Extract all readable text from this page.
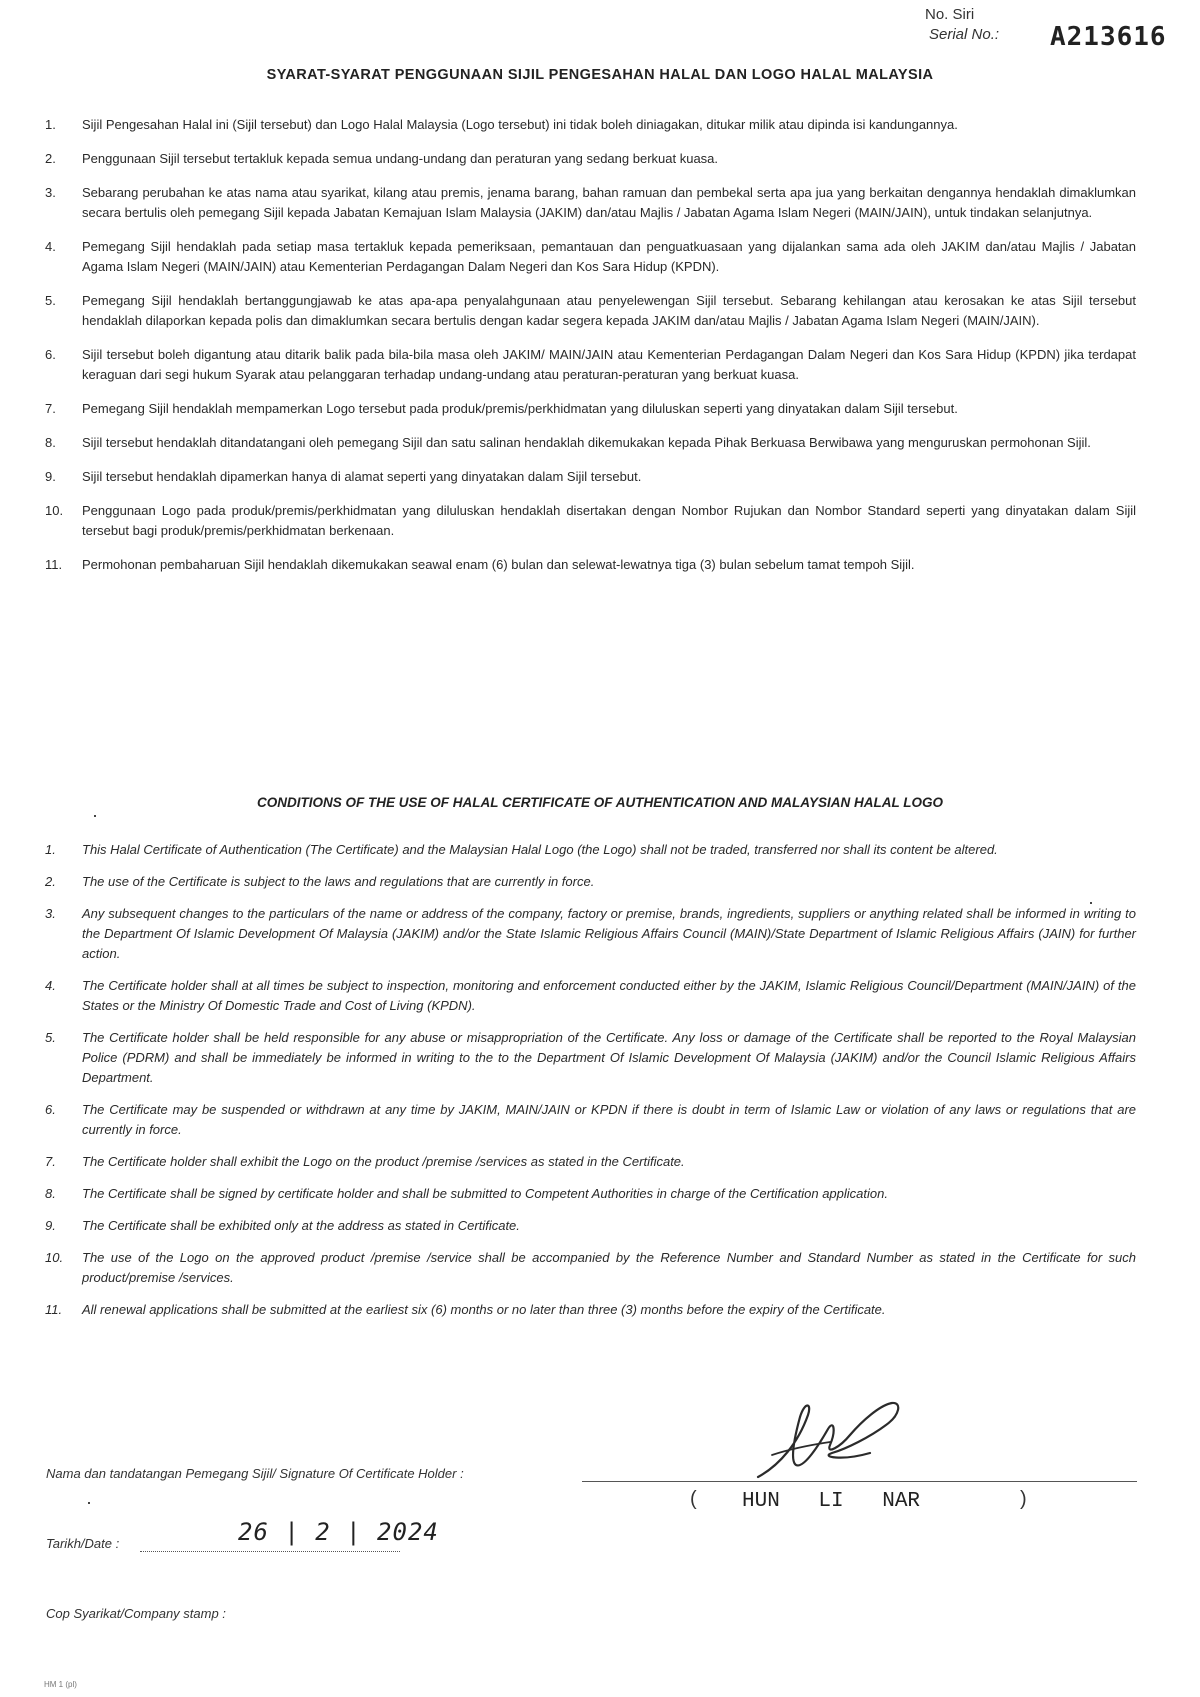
No. Siri
Serial No.: A213616
SYARAT-SYARAT PENGGUNAAN SIJIL PENGESAHAN HALAL DAN LOGO HALAL MALAYSIA
1.	Sijil Pengesahan Halal ini (Sijil tersebut) dan Logo Halal Malaysia (Logo tersebut) ini tidak boleh diniagakan, ditukar milik atau dipinda isi kandungannya.
2.	Penggunaan Sijil tersebut tertakluk kepada semua undang-undang dan peraturan yang sedang berkuat kuasa.
3.	Sebarang perubahan ke atas nama atau syarikat, kilang atau premis, jenama barang, bahan ramuan dan pembekal serta apa jua yang berkaitan dengannya hendaklah dimaklumkan secara bertulis oleh pemegang Sijil kepada Jabatan Kemajuan Islam Malaysia (JAKIM) dan/atau Majlis / Jabatan Agama Islam Negeri (MAIN/JAIN), untuk tindakan selanjutnya.
4.	Pemegang Sijil hendaklah pada setiap masa tertakluk kepada pemeriksaan, pemantauan dan penguatkuasaan yang dijalankan sama ada oleh JAKIM dan/atau Majlis / Jabatan Agama Islam Negeri (MAIN/JAIN) atau Kementerian Perdagangan Dalam Negeri dan Kos Sara Hidup (KPDN).
5.	Pemegang Sijil hendaklah bertanggungjawab ke atas apa-apa penyalahgunaan atau penyelewengan Sijil tersebut. Sebarang kehilangan atau kerosakan ke atas Sijil tersebut hendaklah dilaporkan kepada polis dan dimaklumkan secara bertulis dengan kadar segera kepada JAKIM dan/atau Majlis / Jabatan Agama Islam Negeri (MAIN/JAIN).
6.	Sijil tersebut boleh digantung atau ditarik balik pada bila-bila masa oleh JAKIM/ MAIN/JAIN atau Kementerian Perdagangan Dalam Negeri dan Kos Sara Hidup (KPDN) jika terdapat keraguan dari segi hukum Syarak atau pelanggaran terhadap undang-undang atau peraturan-peraturan yang berkuat kuasa.
7.	Pemegang Sijil hendaklah mempamerkan Logo tersebut pada produk/premis/perkhidmatan yang diluluskan seperti yang dinyatakan dalam Sijil tersebut.
8.	Sijil tersebut hendaklah ditandatangani oleh pemegang Sijil dan satu salinan hendaklah dikemukakan kepada Pihak Berkuasa Berwibawa yang menguruskan permohonan Sijil.
9.	Sijil tersebut hendaklah dipamerkan hanya di alamat seperti yang dinyatakan dalam Sijil tersebut.
10.	Penggunaan Logo pada produk/premis/perkhidmatan yang diluluskan hendaklah disertakan dengan Nombor Rujukan dan Nombor Standard seperti yang dinyatakan dalam Sijil tersebut bagi produk/premis/perkhidmatan berkenaan.
11.	Permohonan pembaharuan Sijil hendaklah dikemukakan seawal enam (6) bulan dan selewat-lewatnya tiga (3) bulan sebelum tamat tempoh Sijil.
CONDITIONS OF THE USE OF HALAL CERTIFICATE OF AUTHENTICATION AND MALAYSIAN HALAL LOGO
1.	This Halal Certificate of Authentication (The Certificate) and the Malaysian Halal Logo (the Logo) shall not be traded, transferred nor shall its content be altered.
2.	The use of the Certificate is subject to the laws and regulations that are currently in force.
3.	Any subsequent changes to the particulars of the name or address of the company, factory or premise, brands, ingredients, suppliers or anything related shall be informed in writing to the Department Of Islamic Development Of Malaysia (JAKIM) and/or the State Islamic Religious Affairs Council (MAIN)/State Department of Islamic Religious Affairs (JAIN) for further action.
4.	The Certificate holder shall at all times be subject to inspection, monitoring and enforcement conducted either by the JAKIM, Islamic Religious Council/Department (MAIN/JAIN) of the States or the Ministry Of Domestic Trade and Cost of Living (KPDN).
5.	The Certificate holder shall be held responsible for any abuse or misappropriation of the Certificate. Any loss or damage of the Certificate shall be reported to the Royal Malaysian Police (PDRM) and shall be immediately be informed in writing to the to the Department Of Islamic Development Of Malaysia (JAKIM) and/or the Council Islamic Religious Affairs Department.
6.	The Certificate may be suspended or withdrawn at any time by JAKIM, MAIN/JAIN or KPDN if there is doubt in term of Islamic Law or violation of any laws or regulations that are currently in force.
7.	The Certificate holder shall exhibit the Logo on the product /premise /services as stated in the Certificate.
8.	The Certificate shall be signed by certificate holder and shall be submitted to Competent Authorities in charge of the Certification application.
9.	The Certificate shall be exhibited only at the address as stated in Certificate.
10.	The use of the Logo on the approved product /premise /service shall be accompanied by the Reference Number and Standard Number as stated in the Certificate for such product/premise /services.
11.	All renewal applications shall be submitted at the earliest six (6) months or no later than three (3) months before the expiry of the Certificate.
Nama dan tandatangan Pemegang Sijil/ Signature Of Certificate Holder :
( HUN LI NAR	)
Tarikh/Date :	26 | 2 | 2024
Cop Syarikat/Company stamp :
HM 1 (pl)
